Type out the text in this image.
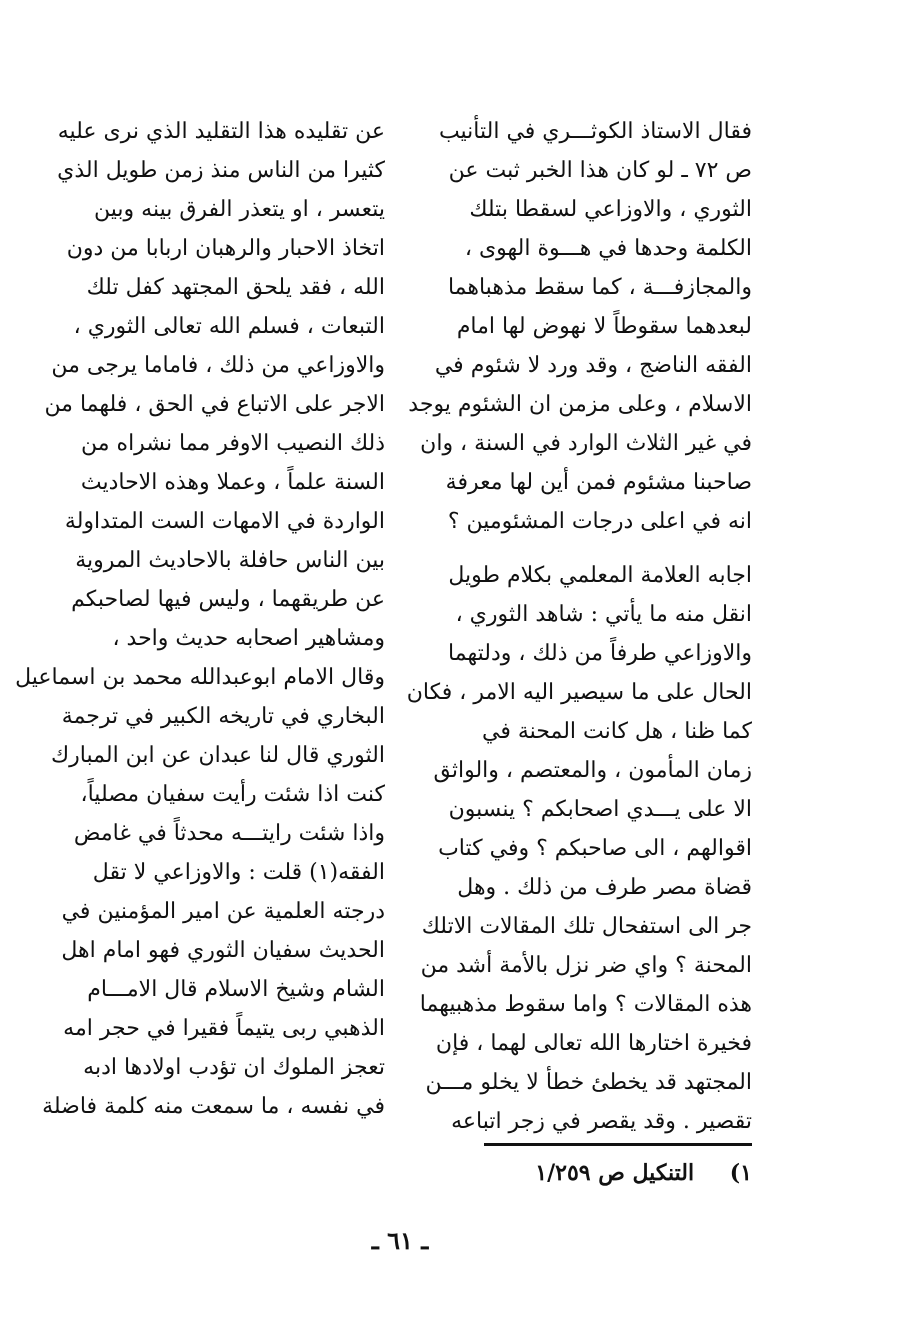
فقال الاستاذ الكوثـــري في التأنيب
ص ٧٢ ـ لو كان هذا الخبر ثبت عن
الثوري ، والاوزاعي لسقطا بتلك
الكلمة وحدها في هـــوة الهوى ،
والمجازفـــة ، كما سقط مذهباهما
لبعدهما سقوطاً لا نهوض لها امام
الفقه الناضج ، وقد ورد لا شئوم في
الاسلام ، وعلى مزمن ان الشئوم يوجد
في غير الثلاث الوارد في السنة ، وان
صاحبنا مشئوم فمن أين لها معرفة
انه في اعلى درجات المشئومين ؟
اجابه العلامة المعلمي بكلام طويل
انقل منه ما يأتي : شاهد الثوري ،
والاوزاعي طرفاً من ذلك ، ودلتهما
الحال على ما سيصير اليه الامر ، فكان
كما ظنا ، هل كانت المحنة في
زمان المأمون ، والمعتصم ، والواثق
الا على يـــدي اصحابكم ؟ ينسبون
اقوالهم ، الى صاحبكم ؟ وفي كتاب
قضاة مصر طرف من ذلك . وهل
جر الى استفحال تلك المقالات الاتلك
المحنة ؟ واي ضر نزل بالأمة أشد من
هذه المقالات ؟ واما سقوط مذهبيهما
فخيرة اختارها الله تعالى لهما ، فإن
المجتهد قد يخطئ خطأ لا يخلو مـــن
تقصير . وقد يقصر في زجر اتباعه
عن تقليده هذا التقليد الذي نرى عليه
كثيرا من الناس منذ زمن طويل الذي
يتعسر ، او يتعذر الفرق بينه وبين
اتخاذ الاحبار والرهبان اربابا من دون
الله ، فقد يلحق المجتهد كفل تلك
التبعات ، فسلم الله تعالى الثوري ،
والاوزاعي من ذلك ، فاماما يرجى من
الاجر على الاتباع في الحق ، فلهما من
ذلك النصيب الاوفر مما نشراه من
السنة علماً ، وعملا وهذه الاحاديث
الواردة في الامهات الست المتداولة
بين الناس حافلة بالاحاديث المروية
عن طريقهما ، وليس فيها لصاحبكم
ومشاهير اصحابه حديث واحد ،
وقال الامام ابوعبدالله محمد بن اسماعيل
البخاري في تاريخه الكبير في ترجمة
الثوري قال لنا عبدان عن ابن المبارك
كنت اذا شئت رأيت سفيان مصلياً،
واذا شئت رايتـــه محدثاً في غامض
الفقه(١) قلت : والاوزاعي لا تقل
درجته العلمية عن امير المؤمنين في
الحديث سفيان الثوري فهو امام اهل
الشام وشيخ الاسلام قال الامـــام
الذهبي ربى يتيماً فقيرا في حجر امه
تعجز الملوك ان تؤدب اولادها ادبه
في نفسه ، ما سمعت منه كلمة فاضلة
١) التنكيل ص ١/٢٥٩
ـ ٦١ ـ
